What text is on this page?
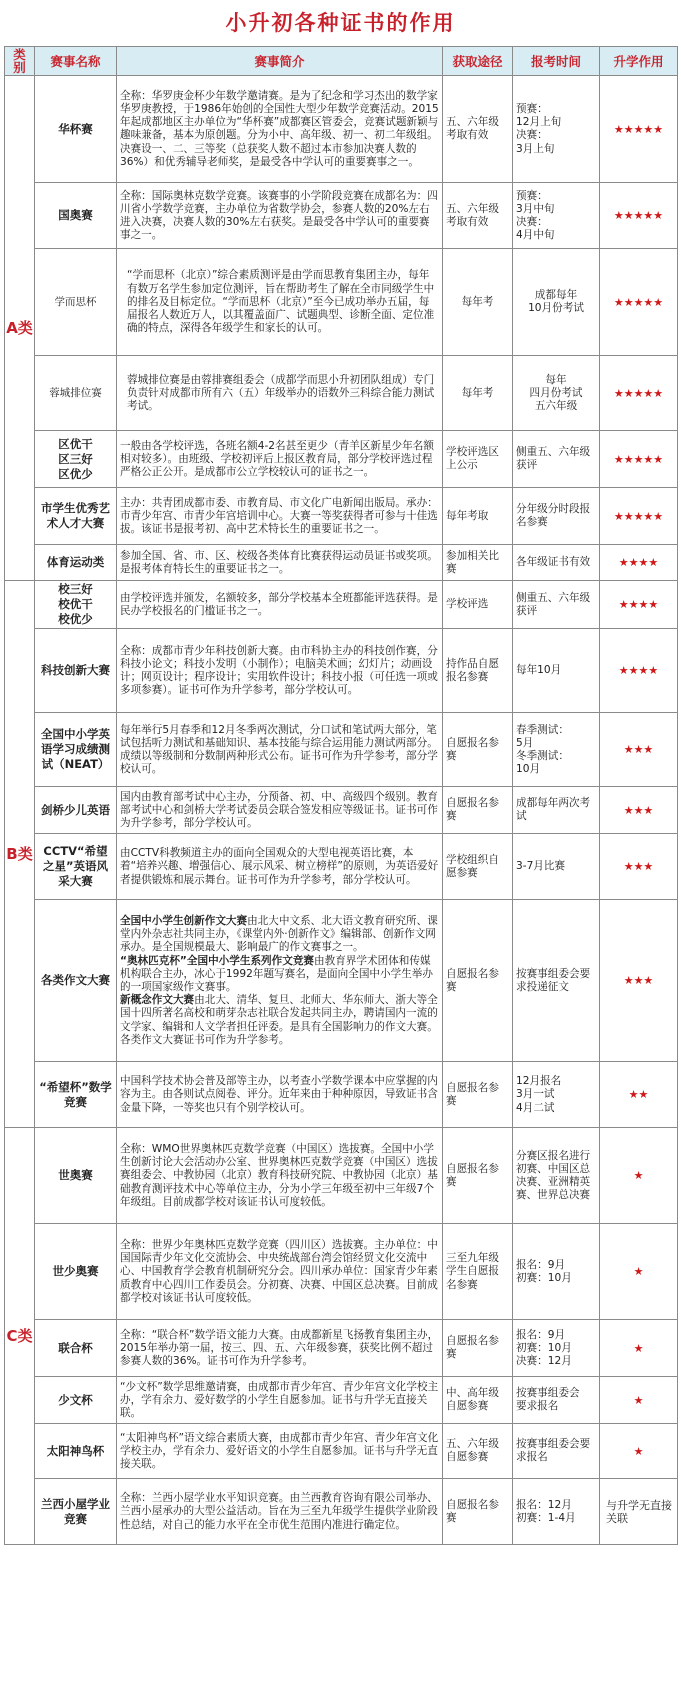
小升初各种证书的作用
类别	赛事名称	赛事简介	获取途径	报考时间	升学作用
A类	华杯赛	全称：华罗庚金杯少年数学邀请赛。是为了纪念和学习杰出的数学家华罗庚教授，于1986年始创的全国性大型少年数学竞赛活动。2015年起成都地区主办单位为“华杯赛”成都赛区管委会，竞赛试题新颖与趣味兼备，基本为原创题。分为小中、高年级、初一、初二年级组。决赛设一、二、三等奖（总获奖人数不超过本市参加决赛人数的36%）和优秀辅导老师奖，是最受各中学认可的重要赛事之一。	五、六年级考取有效	预赛：
12月上旬
决赛：
3月上旬	★★★★★
	国奥赛	全称：国际奥林克数学竞赛。该赛事的小学阶段竞赛在成都名为：四川省小学数学竞赛，主办单位为省数学协会，参赛人数的20%左右进入决赛，决赛人数的30%左右获奖。是最受各中学认可的重要赛事之一。	五、六年级考取有效	预赛：
3月中旬
决赛：
4月中旬	★★★★★
	学而思杯	“学而思杯（北京）”综合素质测评是由学而思教育集团主办，每年有数万名学生参加定位测评，旨在帮助考生了解在全市同级学生中的排名及目标定位。“学而思杯（北京）”至今已成功举办五届，每届报名人数近万人，以其覆盖面广、试题典型、诊断全面、定位准确的特点，深得各年级学生和家长的认可。	每年考	成都每年
10月份考试	★★★★★
	蓉城排位赛	蓉城排位赛是由蓉排赛组委会（成都学而思小升初团队组成）专门负责针对成都市所有六（五）年级举办的语数外三科综合能力测试考试。	每年考	每年
四月份考试
五六年级	★★★★★
	区优干
区三好
区优少	一般由各学校评选，各班名额4-2名甚至更少（青羊区新星少年名额相对较多）。由班级、学校初评后上报区教育局，部分学校评选过程严格公正公开。是成都市公立学校较认可的证书之一。	学校评选区上公示	侧重五、六年级获评	★★★★★
	市学生优秀艺术人才大赛	主办：共青团成都市委、市教育局、市文化广电新闻出版局。承办：市青少年宫、市青少年宫培训中心。大赛一等奖获得者可参与十佳选拔。该证书是报考初、高中艺术特长生的重要证书之一。	每年考取	分年级分时段报名参赛	★★★★★
	体育运动类	参加全国、省、市、区、校级各类体育比赛获得运动员证书或奖项。是报考体育特长生的重要证书之一。	参加相关比赛	各年级证书有效	★★★★
B类	校三好
校优干
校优少	由学校评选并颁发，名额较多，部分学校基本全班都能评选获得。是民办学校报名的门槛证书之一。	学校评选	侧重五、六年级获评	★★★★
	科技创新大赛	全称：成都市青少年科技创新大赛。由市科协主办的科技创作赛，分科技小论文；科技小发明（小制作）；电脑美术画；幻灯片；动画设计；网页设计；程序设计；实用软件设计；科技小报（可任选一项或多项参赛）。证书可作为升学参考，部分学校认可。	持作品自愿报名参赛	每年10月	★★★★
	全国中小学英语学习成绩测试（NEAT）	每年举行5月春季和12月冬季两次测试，分口试和笔试两大部分，笔试包括听力测试和基础知识、基本技能与综合运用能力测试两部分。成绩以等级制和分数制两种形式公布。证书可作为升学参考，部分学校认可。	自愿报名参赛	春季测试：
5月
冬季测试：
10月	★★★
	剑桥少儿英语	国内由教育部考试中心主办，分预备、初、中、高级四个级别。教育部考试中心和剑桥大学考试委员会联合签发相应等级证书。证书可作为升学参考，部分学校认可。	自愿报名参赛	成都每年两次考试	★★★
	CCTV“希望之星”英语风采大赛	由CCTV科教频道主办的面向全国观众的大型电视英语比赛，本着“培养兴趣、增强信心、展示风采、树立榜样”的原则，为英语爱好者提供锻炼和展示舞台。证书可作为升学参考，部分学校认可。	学校组织自愿参赛	3-7月比赛	★★★
	各类作文大赛	全国中小学生创新作文大赛由北大中文系、北大语文教育研究所、课堂内外杂志社共同主办，《课堂内外·创新作文》编辑部、创新作文网承办。是全国规模最大、影响最广的作文赛事之一。
“奥林匹克杯”全国中小学生系列作文竞赛由教育界学术团体和传媒机构联合主办，冰心于1992年题写赛名，是面向全国中小学生举办的一项国家级作文赛事。
新概念作文大赛由北大、清华、复旦、北师大、华东师大、浙大等全国十四所著名高校和萌芽杂志社联合发起共同主办，聘请国内一流的文学家、编辑和人文学者担任评委。是具有全国影响力的作文大赛。
各类作文大赛证书可作为升学参考。	自愿报名参赛	按赛事组委会要求投递征文	★★★
	“希望杯”数学竞赛	中国科学技术协会普及部等主办，以考查小学数学课本中应掌握的内容为主。由各则试点阅卷、评分。近年来由于种种原因，导致证书含金量下降，一等奖也只有个别学校认可。	自愿报名参赛	12月报名
3月一试
4月二试	★★
C类	世奥赛	全称：WMO世界奥林匹克数学竞赛（中国区）选拔赛。全国中小学生创新讨论大会活动办公室、世界奥林匹克数学竞赛（中国区）选拔赛组委会、中教协园（北京）教育科技研究院、中教协园（北京）基础教育测评技术中心等单位主办，分为小学三年级至初中三年级7个年级组。目前成都学校对该证书认可度较低。	自愿报名参赛	分赛区报名进行初赛、中国区总决赛、亚洲精英赛、世界总决赛	★
	世少奥赛	全称：世界少年奥林匹克数学竞赛（四川区）选拔赛。主办单位：中国国际青少年文化交流协会、中央统战部台湾会馆经贸文化交流中心、中国教育学会教育机制研究分会。四川承办单位：国家青少年素质教育中心四川工作委员会。分初赛、决赛、中国区总决赛。目前成都学校对该证书认可度较低。	三至九年级学生自愿报名参赛	报名：9月
初赛：10月	★
	联合杯	全称：“联合杯”数学语文能力大赛。由成都新星飞扬教育集团主办，2015年举办第一届，按三、四、五、六年级参赛，获奖比例不超过参赛人数的36%。证书可作为升学参考。	自愿报名参赛	报名：9月
初赛：10月
决赛：12月	★
	少文杯	“少文杯”数学思维邀请赛，由成都市青少年宫、青少年宫文化学校主办，学有余力、爱好数学的小学生自愿参加。证书与升学无直接关联。	中、高年级自愿参赛	按赛事组委会
要求报名	★
	太阳神鸟杯	“太阳神鸟杯”语文综合素质大赛，由成都市青少年宫、青少年宫文化学校主办，学有余力、爱好语文的小学生自愿参加。证书与升学无直接关联。	五、六年级自愿参赛	按赛事组委会要求报名	★
	兰西小屋学业竞赛	全称：兰西小屋学业水平知识竞赛。由兰西教育咨询有限公司举办、兰西小屋承办的大型公益活动。旨在为三至九年级学生提供学业阶段性总结，对自己的能力水平在全市优生范围内准进行确定位。	自愿报名参赛	报名：12月
初赛：1-4月	与升学无直接关联
